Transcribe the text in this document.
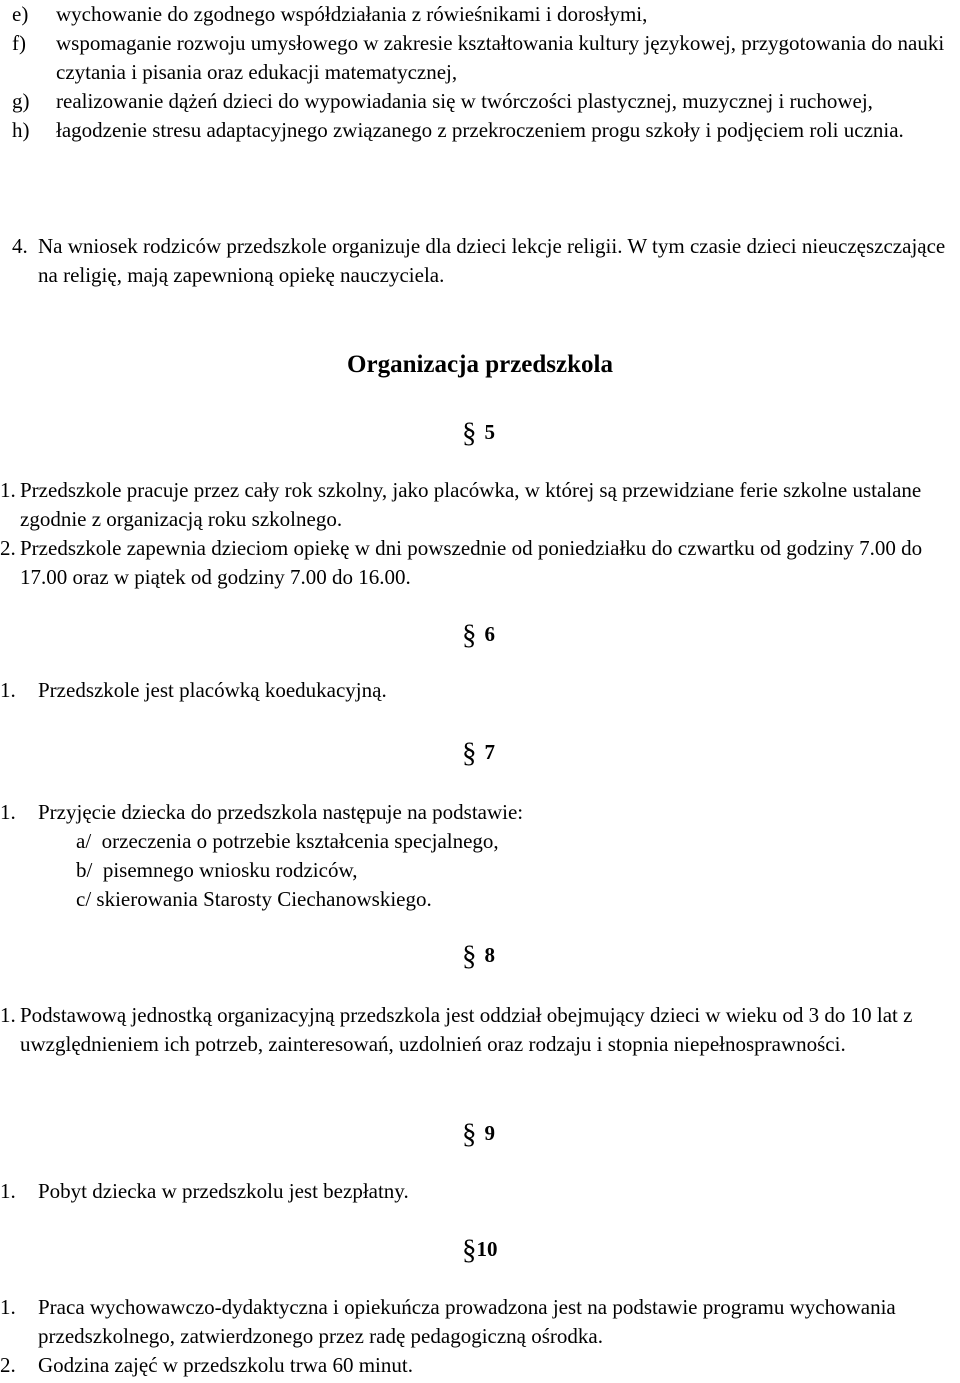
e)	wychowanie do zgodnego współdziałania z rówieśnikami i dorosłymi,
f)	wspomaganie rozwoju umysłowego w zakresie kształtowania kultury językowej, przygotowania do nauki czytania i pisania oraz edukacji matematycznej,
g)	realizowanie dążeń dzieci do wypowiadania się w twórczości plastycznej, muzycznej i ruchowej,
h)	łagodzenie stresu adaptacyjnego związanego z przekroczeniem progu szkoły i podjęciem roli ucznia.
4. Na wniosek rodziców przedszkole organizuje dla dzieci lekcje religii. W tym czasie dzieci nieuczęszczające na religię, mają zapewnioną opiekę nauczyciela.
Organizacja przedszkola
§ 5
1. Przedszkole pracuje przez cały rok szkolny, jako placówka, w której są przewidziane ferie szkolne ustalane zgodnie z organizacją roku szkolnego.
2. Przedszkole zapewnia dzieciom opiekę w dni powszednie od poniedziałku do czwartku od godziny 7.00 do 17.00 oraz w piątek od godziny 7.00 do 16.00.
§ 6
1.	Przedszkole jest placówką koedukacyjną.
§ 7
1.	Przyjęcie dziecka do przedszkola następuje na podstawie:
a/  orzeczenia o potrzebie kształcenia specjalnego,
b/  pisemnego wniosku rodziców,
c/ skierowania Starosty Ciechanowskiego.
§ 8
1. Podstawową jednostką organizacyjną przedszkola jest oddział obejmujący dzieci w wieku od 3 do 10 lat z uwzględnieniem ich potrzeb, zainteresowań, uzdolnień oraz rodzaju i stopnia niepełnosprawności.
§ 9
1.	Pobyt dziecka w przedszkolu jest bezpłatny.
§10
1.	Praca wychowawczo-dydaktyczna i opiekuńcza prowadzona jest na podstawie programu wychowania przedszkolnego, zatwierdzonego przez radę pedagogiczną ośrodka.
2.	Godzina zajęć w przedszkolu trwa 60 minut.
